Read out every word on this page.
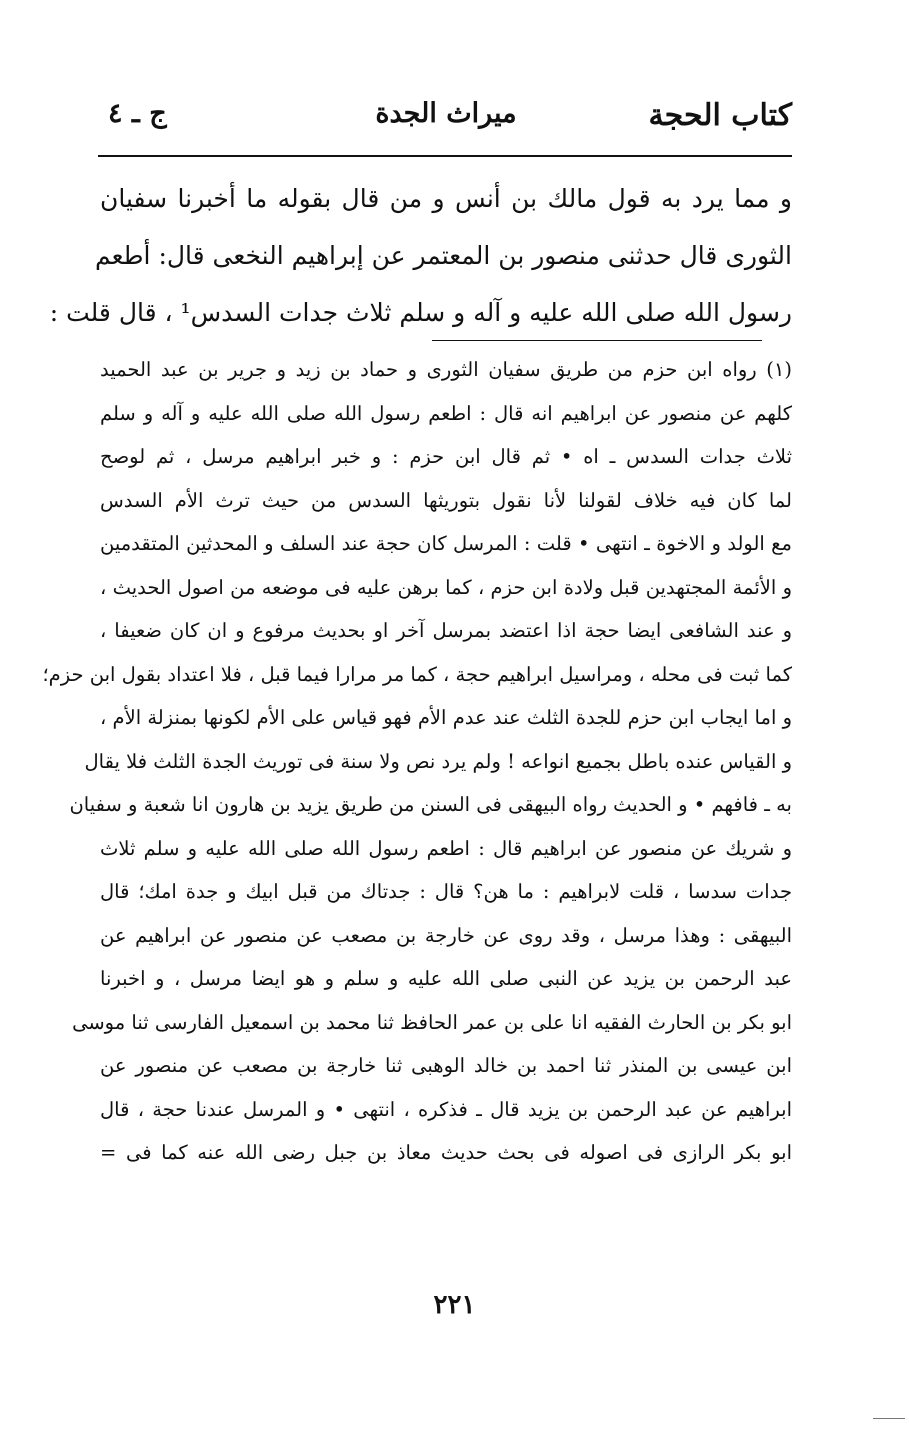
كتاب الحجة
ميراث الجدة
ج ـ ٤
و مما يرد به قول مالك بن أنس و من قال بقوله ما أخبرنا سفيان
الثورى قال حدثنى منصور بن المعتمر عن إبراهيم النخعى قال: أطعم
رسول الله صلى الله عليه و آله و سلم ثلاث جدات السدس¹ ، قال قلت :
(١) رواه ابن حزم من طريق سفيان الثورى و حماد بن زيد و جرير بن عبد الحميد
كلهم عن منصور عن ابراهيم انه قال : اطعم رسول الله صلى الله عليه و آله و سلم
ثلاث جدات السدس ـ اه • ثم قال ابن حزم : و خبر ابراهيم مرسل ، ثم لوصح
لما كان فيه خلاف لقولنا لأنا نقول بتوريثها السدس من حيث ترث الأم السدس
مع الولد و الاخوة ـ انتهى • قلت : المرسل كان حجة عند السلف و المحدثين المتقدمين
و الأئمة المجتهدين قبل ولادة ابن حزم ، كما برهن عليه فى موضعه من اصول الحديث ،
و عند الشافعى ايضا حجة اذا اعتضد بمرسل آخر او بحديث مرفوع و ان كان ضعيفا ،
كما ثبت فى محله ، ومراسيل ابراهيم حجة ، كما مر مرارا فيما قبل ، فلا اعتداد بقول ابن حزم؛
و اما ايجاب ابن حزم للجدة الثلث عند عدم الأم فهو قياس على الأم لكونها بمنزلة الأم ،
و القياس عنده باطل بجميع انواعه ! ولم يرد نص ولا سنة فى توريث الجدة الثلث فلا يقال
به ـ فافهم • و الحديث رواه البيهقى فى السنن من طريق يزيد بن هارون انا شعبة و سفيان
و شريك عن منصور عن ابراهيم قال : اطعم رسول الله صلى الله عليه و سلم ثلاث
جدات سدسا ، قلت لابراهيم : ما هن؟ قال : جدتاك من قبل ابيك و جدة امك؛ قال
البيهقى : وهذا مرسل ، وقد روى عن خارجة بن مصعب عن منصور عن ابراهيم عن
عبد الرحمن بن يزيد عن النبى صلى الله عليه و سلم و هو ايضا مرسل ، و اخبرنا
ابو بكر بن الحارث الفقيه انا على بن عمر الحافظ ثنا محمد بن اسمعيل الفارسى ثنا موسى
ابن عيسى بن المنذر ثنا احمد بن خالد الوهبى ثنا خارجة بن مصعب عن منصور عن
ابراهيم عن عبد الرحمن بن يزيد قال ـ فذكره ، انتهى • و المرسل عندنا حجة ، قال
ابو بكر الرازى فى اصوله فى بحث حديث معاذ بن جبل رضى الله عنه كما فى =
٢٢١
